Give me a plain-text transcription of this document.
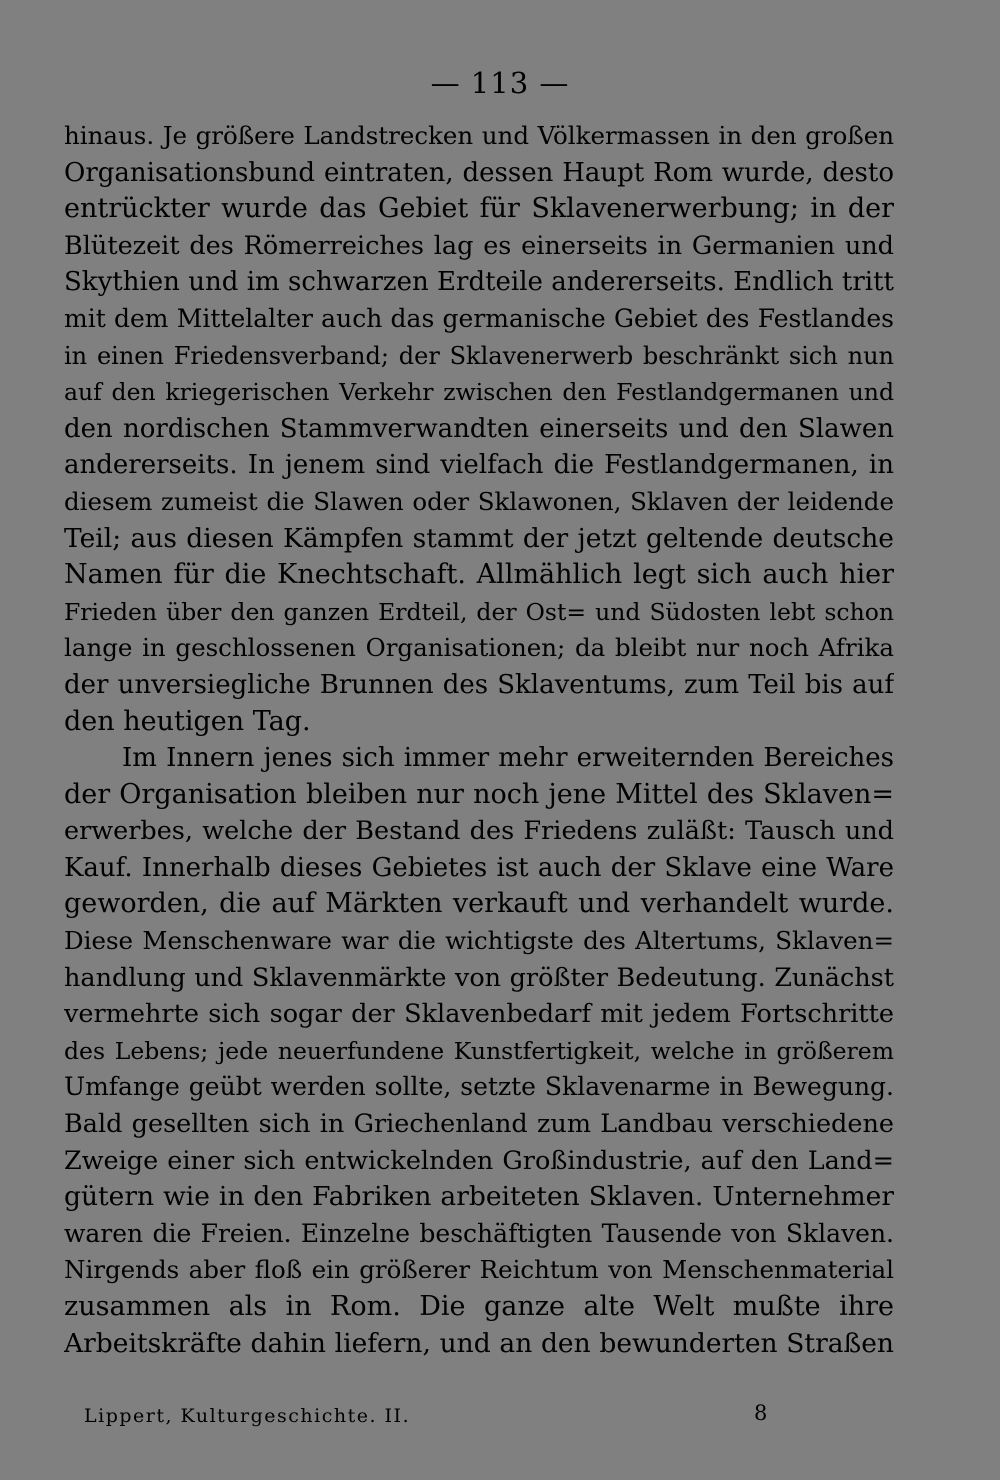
— 113 —
hinaus. Je größere Landstrecken und Völkermassen in den großen
Organisationsbund eintraten, dessen Haupt Rom wurde, desto
entrückter wurde das Gebiet für Sklavenerwerbung; in der
Blütezeit des Römerreiches lag es einerseits in Germanien und
Skythien und im schwarzen Erdteile andererseits. Endlich tritt
mit dem Mittelalter auch das germanische Gebiet des Festlandes
in einen Friedensverband; der Sklavenerwerb beschränkt sich nun
auf den kriegerischen Verkehr zwischen den Festlandgermanen und
den nordischen Stammverwandten einerseits und den Slawen
andererseits. In jenem sind vielfach die Festlandgermanen, in
diesem zumeist die Slawen oder Sklawonen, Sklaven der leidende
Teil; aus diesen Kämpfen stammt der jetzt geltende deutsche
Namen für die Knechtschaft. Allmählich legt sich auch hier
Frieden über den ganzen Erdteil, der Ost= und Südosten lebt schon
lange in geschlossenen Organisationen; da bleibt nur noch Afrika
der unversiegliche Brunnen des Sklaventums, zum Teil bis auf
den heutigen Tag.
Im Innern jenes sich immer mehr erweiternden Bereiches
der Organisation bleiben nur noch jene Mittel des Sklaven=
erwerbes, welche der Bestand des Friedens zuläßt: Tausch und
Kauf. Innerhalb dieses Gebietes ist auch der Sklave eine Ware
geworden, die auf Märkten verkauft und verhandelt wurde.
Diese Menschenware war die wichtigste des Altertums, Sklaven=
handlung und Sklavenmärkte von größter Bedeutung. Zunächst
vermehrte sich sogar der Sklavenbedarf mit jedem Fortschritte
des Lebens; jede neuerfundene Kunstfertigkeit, welche in größerem
Umfange geübt werden sollte, setzte Sklavenarme in Bewegung.
Bald gesellten sich in Griechenland zum Landbau verschiedene
Zweige einer sich entwickelnden Großindustrie, auf den Land=
gütern wie in den Fabriken arbeiteten Sklaven. Unternehmer
waren die Freien. Einzelne beschäftigten Tausende von Sklaven.
Nirgends aber floß ein größerer Reichtum von Menschenmaterial
zusammen als in Rom. Die ganze alte Welt mußte ihre
Arbeitskräfte dahin liefern, und an den bewunderten Straßen
Lippert, Kulturgeschichte. II.	8
